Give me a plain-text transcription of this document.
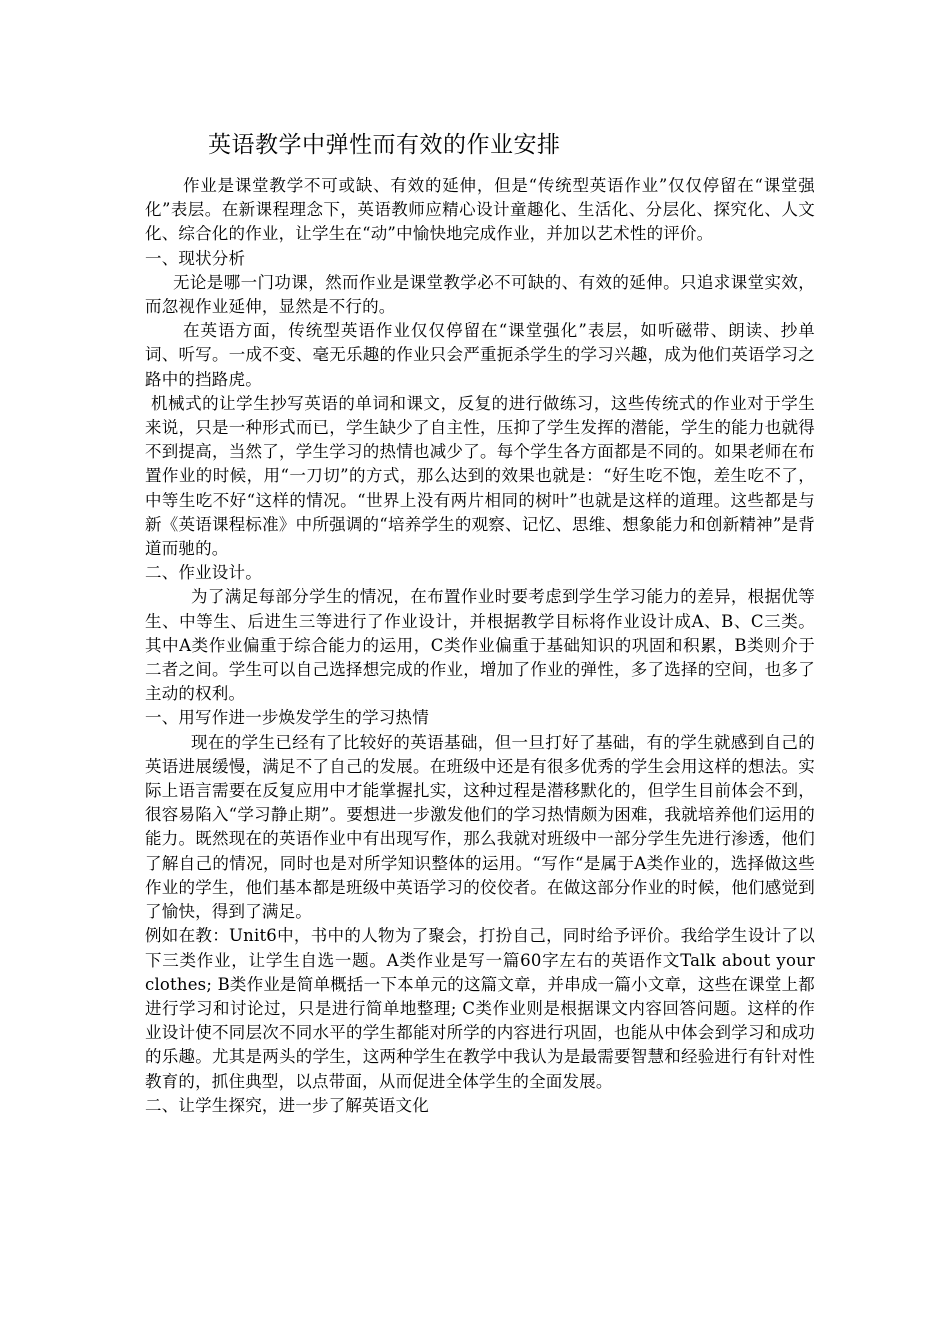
英语教学中弹性而有效的作业安排

作业是课堂教学不可或缺、有效的延伸，但是“传统型英语作业”仅仅停留在“课堂强化”表层。在新课程理念下，英语教师应精心设计童趣化、生活化、分层化、探究化、人文化、综合化的作业，让学生在“动”中愉快地完成作业，并加以艺术性的评价。

一、现状分析

无论是哪一门功课，然而作业是课堂教学必不可缺的、有效的延伸。只追求课堂实效，而忽视作业延伸，显然是不行的。

在英语方面，传统型英语作业仅仅停留在“课堂强化”表层，如听磁带、朗读、抄单词、听写。一成不变、毫无乐趣的作业只会严重扼杀学生的学习兴趣，成为他们英语学习之路中的挡路虎。

机械式的让学生抄写英语的单词和课文，反复的进行做练习，这些传统式的作业对于学生来说，只是一种形式而已，学生缺少了自主性，压抑了学生发挥的潜能，学生的能力也就得不到提高，当然了，学生学习的热情也减少了。每个学生各方面都是不同的。如果老师在布置作业的时候，用“一刀切”的方式，那么达到的效果也就是：“好生吃不饱，差生吃不了，中等生吃不好“这样的情况。“世界上没有两片相同的树叶”也就是这样的道理。这些都是与新《英语课程标准》中所强调的“培养学生的观察、记忆、思维、想象能力和创新精神”是背道而驰的。

二、作业设计。

为了满足每部分学生的情况，在布置作业时要考虑到学生学习能力的差异，根据优等生、中等生、后进生三等进行了作业设计，并根据教学目标将作业设计成A、B、C三类。其中A类作业偏重于综合能力的运用，C类作业偏重于基础知识的巩固和积累，B类则介于二者之间。学生可以自己选择想完成的作业，增加了作业的弹性，多了选择的空间，也多了主动的权利。

一、用写作进一步焕发学生的学习热情

现在的学生已经有了比较好的英语基础，但一旦打好了基础，有的学生就感到自己的英语进展缓慢，满足不了自己的发展。在班级中还是有很多优秀的学生会用这样的想法。实际上语言需要在反复应用中才能掌握扎实，这种过程是潜移默化的，但学生目前体会不到，很容易陷入“学习静止期”。要想进一步激发他们的学习热情颇为困难，我就培养他们运用的能力。既然现在的英语作业中有出现写作，那么我就对班级中一部分学生先进行渗透，他们了解自己的情况，同时也是对所学知识整体的运用。“写作“是属于A类作业的，选择做这些作业的学生，他们基本都是班级中英语学习的佼佼者。在做这部分作业的时候，他们感觉到了愉快，得到了满足。

例如在教：Unit6中，书中的人物为了聚会，打扮自己，同时给予评价。我给学生设计了以下三类作业，让学生自选一题。A类作业是写一篇60字左右的英语作文Talk about your clothes; B类作业是简单概括一下本单元的这篇文章，并串成一篇小文章，这些在课堂上都进行学习和讨论过，只是进行简单地整理; C类作业则是根据课文内容回答问题。这样的作业设计使不同层次不同水平的学生都能对所学的内容进行巩固，也能从中体会到学习和成功的乐趣。尤其是两头的学生，这两种学生在教学中我认为是最需要智慧和经验进行有针对性教育的，抓住典型，以点带面，从而促进全体学生的全面发展。

二、让学生探究，进一步了解英语文化
